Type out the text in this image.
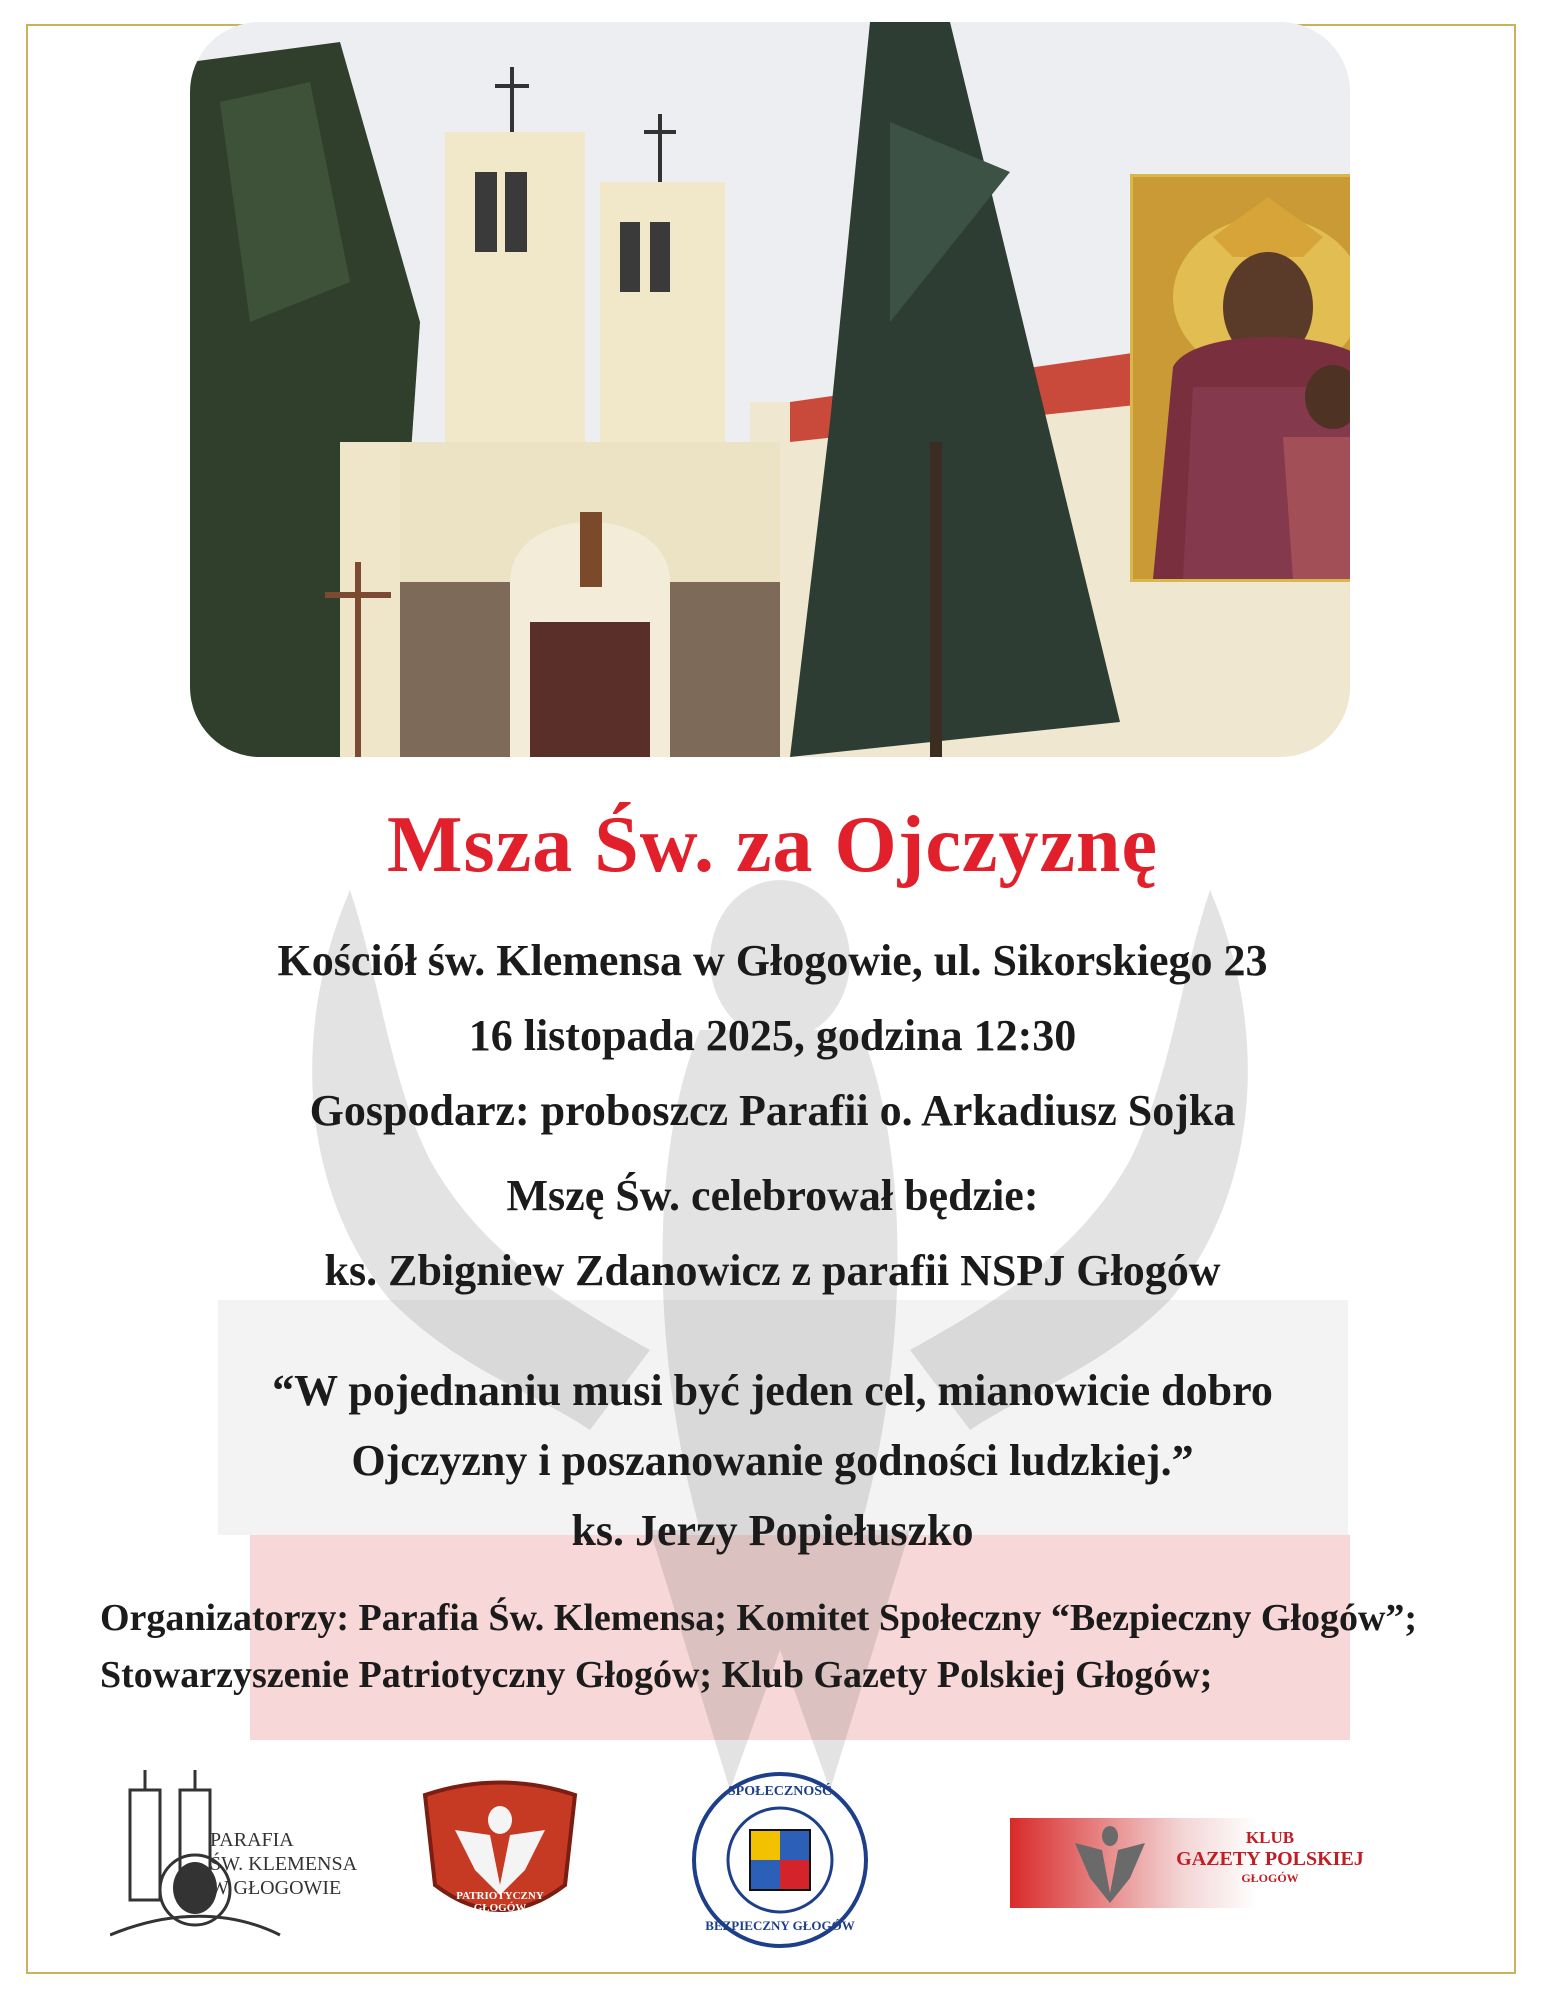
Msza Św. za Ojczyznę
Kościół św. Klemensa w Głogowie, ul. Sikorskiego 23
16 listopada 2025, godzina 12:30
Gospodarz: proboszcz Parafii o. Arkadiusz Sojka
Mszę Św. celebrował będzie:
ks. Zbigniew Zdanowicz z parafii NSPJ Głogów
“W pojednaniu musi być jeden cel, mianowicie dobro
Ojczyzny i poszanowanie godności ludzkiej.”
ks. Jerzy Popiełuszko
Organizatorzy: Parafia Św. Klemensa; Komitet Społeczny “Bezpieczny Głogów”; Stowarzyszenie Patriotyczny Głogów; Klub Gazety Polskiej Głogów;
PARAFIA
ŚW. KLEMENSA
W GŁOGOWIE	PATRIOTYCZNY GŁOGÓW
SPOŁECZNOŚĆ
BEZPIECZNY GŁOGÓW
KLUB
GAZETY POLSKIEJ
GŁOGÓW
